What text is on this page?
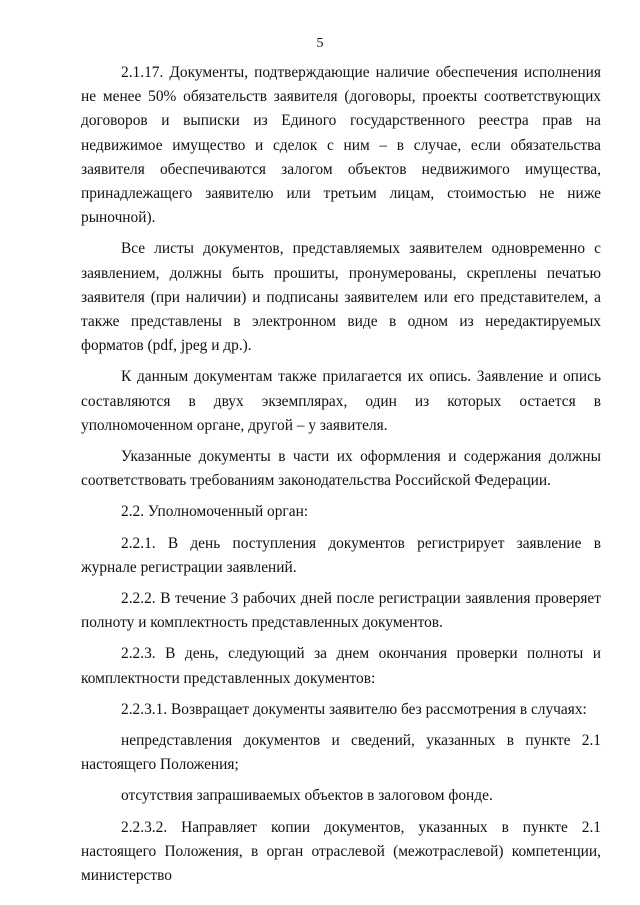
5

2.1.17. Документы, подтверждающие наличие обеспечения исполнения не менее 50% обязательств заявителя (договоры, проекты соответствующих договоров и выписки из Единого государственного реестра прав на недвижимое имущество и сделок с ним – в случае, если обязательства заявителя обеспечиваются залогом объектов недвижимого имущества, принадлежащего заявителю или третьим лицам, стоимостью не ниже рыночной).

Все листы документов, представляемых заявителем одновременно с заявлением, должны быть прошиты, пронумерованы, скреплены печатью заявителя (при наличии) и подписаны заявителем или его представителем, а также представлены в электронном виде в одном из нередактируемых форматов (pdf, jpeg и др.).

К данным документам также прилагается их опись. Заявление и опись составляются в двух экземплярах, один из которых остается в уполномоченном органе, другой – у заявителя.

Указанные документы в части их оформления и содержания должны соответствовать требованиям законодательства Российской Федерации.

2.2. Уполномоченный орган:

2.2.1. В день поступления документов регистрирует заявление в журнале регистрации заявлений.

2.2.2. В течение 3 рабочих дней после регистрации заявления проверяет полноту и комплектность представленных документов.

2.2.3. В день, следующий за днем окончания проверки полноты и комплектности представленных документов:

2.2.3.1. Возвращает документы заявителю без рассмотрения в случаях:

непредставления документов и сведений, указанных в пункте 2.1 настоящего Положения;

отсутствия запрашиваемых объектов в залоговом фонде.

2.2.3.2. Направляет копии документов, указанных в пункте 2.1 настоящего Положения, в орган отраслевой (межотраслевой) компетенции, министерство
